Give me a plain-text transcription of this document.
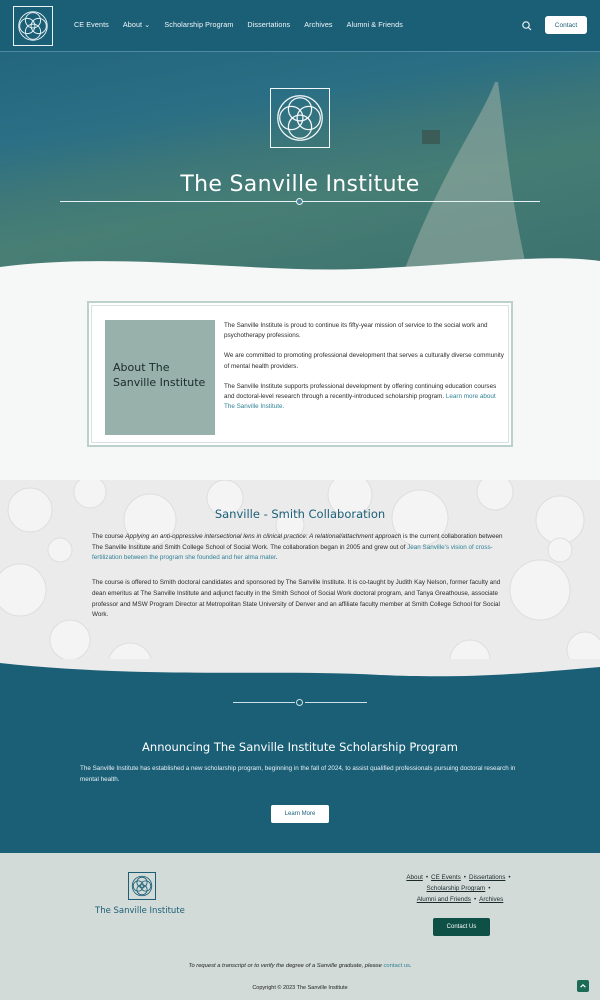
CE Events About ⌄ Scholarship Program Dissertations Archives Alumni & Friends	Contact
The Sanville Institute
About The Sanville Institute

The Sanville Institute is proud to continue its fifty-year mission of service to the social work and psychotherapy professions.

We are committed to promoting professional development that serves a culturally diverse community of mental health providers.

The Sanville Institute supports professional development by offering continuing education courses and doctoral-level research through a recently-introduced scholarship program. Learn more about The Sanville Institute.

Sanville - Smith Collaboration

The course Applying an anti-oppressive intersectional lens in clinical practice: A relational/attachment approach is the current collaboration between The Sanville Institute and Smith College School of Social Work. The collaboration began in 2005 and grew out of Jean Sanville's vision of cross-fertilization between the program she founded and her alma mater.

The course is offered to Smith doctoral candidates and sponsored by The Sanville Institute. It is co-taught by Judith Kay Nelson, former faculty and dean emeritus at The Sanville Institute and adjunct faculty in the Smith School of Social Work doctoral program, and Tanya Greathouse, associate professor and MSW Program Director at Metropolitan State University of Denver and an affiliate faculty member at Smith College School for Social Work.

Announcing The Sanville Institute Scholarship Program
The Sanville Institute has established a new scholarship program, beginning in the fall of 2024, to assist qualified professionals pursuing doctoral research in mental health.
Learn More
The Sanville Institute
About • CE Events • Dissertations •
Scholarship Program •
Alumni and Friends • Archives
Contact Us
To request a transcript or to verify the degree of a Sanville graduate, please contact us.
Copyright © 2023 The Sanville Institute
